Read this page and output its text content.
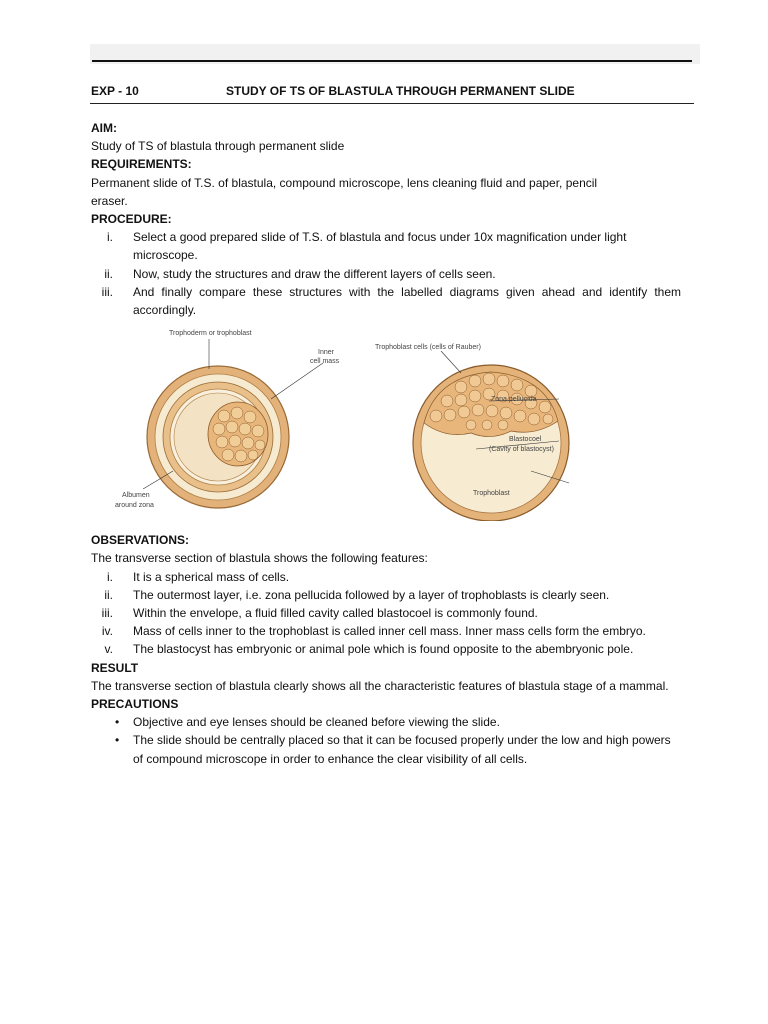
EXP - 10	STUDY OF TS OF BLASTULA THROUGH PERMANENT SLIDE
AIM:

Study of TS of blastula through permanent slide

REQUIREMENTS:

Permanent slide of T.S. of blastula, compound microscope, lens cleaning fluid and paper, pencil

eraser.

PROCEDURE:
i. Select a good prepared slide of T.S. of blastula and focus under 10x magnification under light microscope.
ii. Now, study the structures and draw the different layers of cells seen.
iii. And finally compare these structures with the labelled diagrams given ahead and identify them accordingly.
Trophoderm or trophoblast
Inner
cell mass
Albumen
around zona
Trophoblast cells (cells of Rauber)
Zona pellucida
Blastocoel
(Cavity of blastocyst)
Trophoblast
OBSERVATIONS:

The transverse section of blastula shows the following features:

i. It is a spherical mass of cells.
ii. The outermost layer, i.e. zona pellucida followed by a layer of trophoblasts is clearly seen.
iii. Within the envelope, a fluid filled cavity called blastocoel is commonly found.
iv. Mass of cells inner to the trophoblast is called inner cell mass. Inner mass cells form the embryo.
v. The blastocyst has embryonic or animal pole which is found opposite to the abembryonic pole.
RESULT

The transverse section of blastula clearly shows all the characteristic features of blastula stage of a mammal.

PRECAUTIONS
• Objective and eye lenses should be cleaned before viewing the slide.
• The slide should be centrally placed so that it can be focused properly under the low and high powers of compound microscope in order to enhance the clear visibility of all cells.
